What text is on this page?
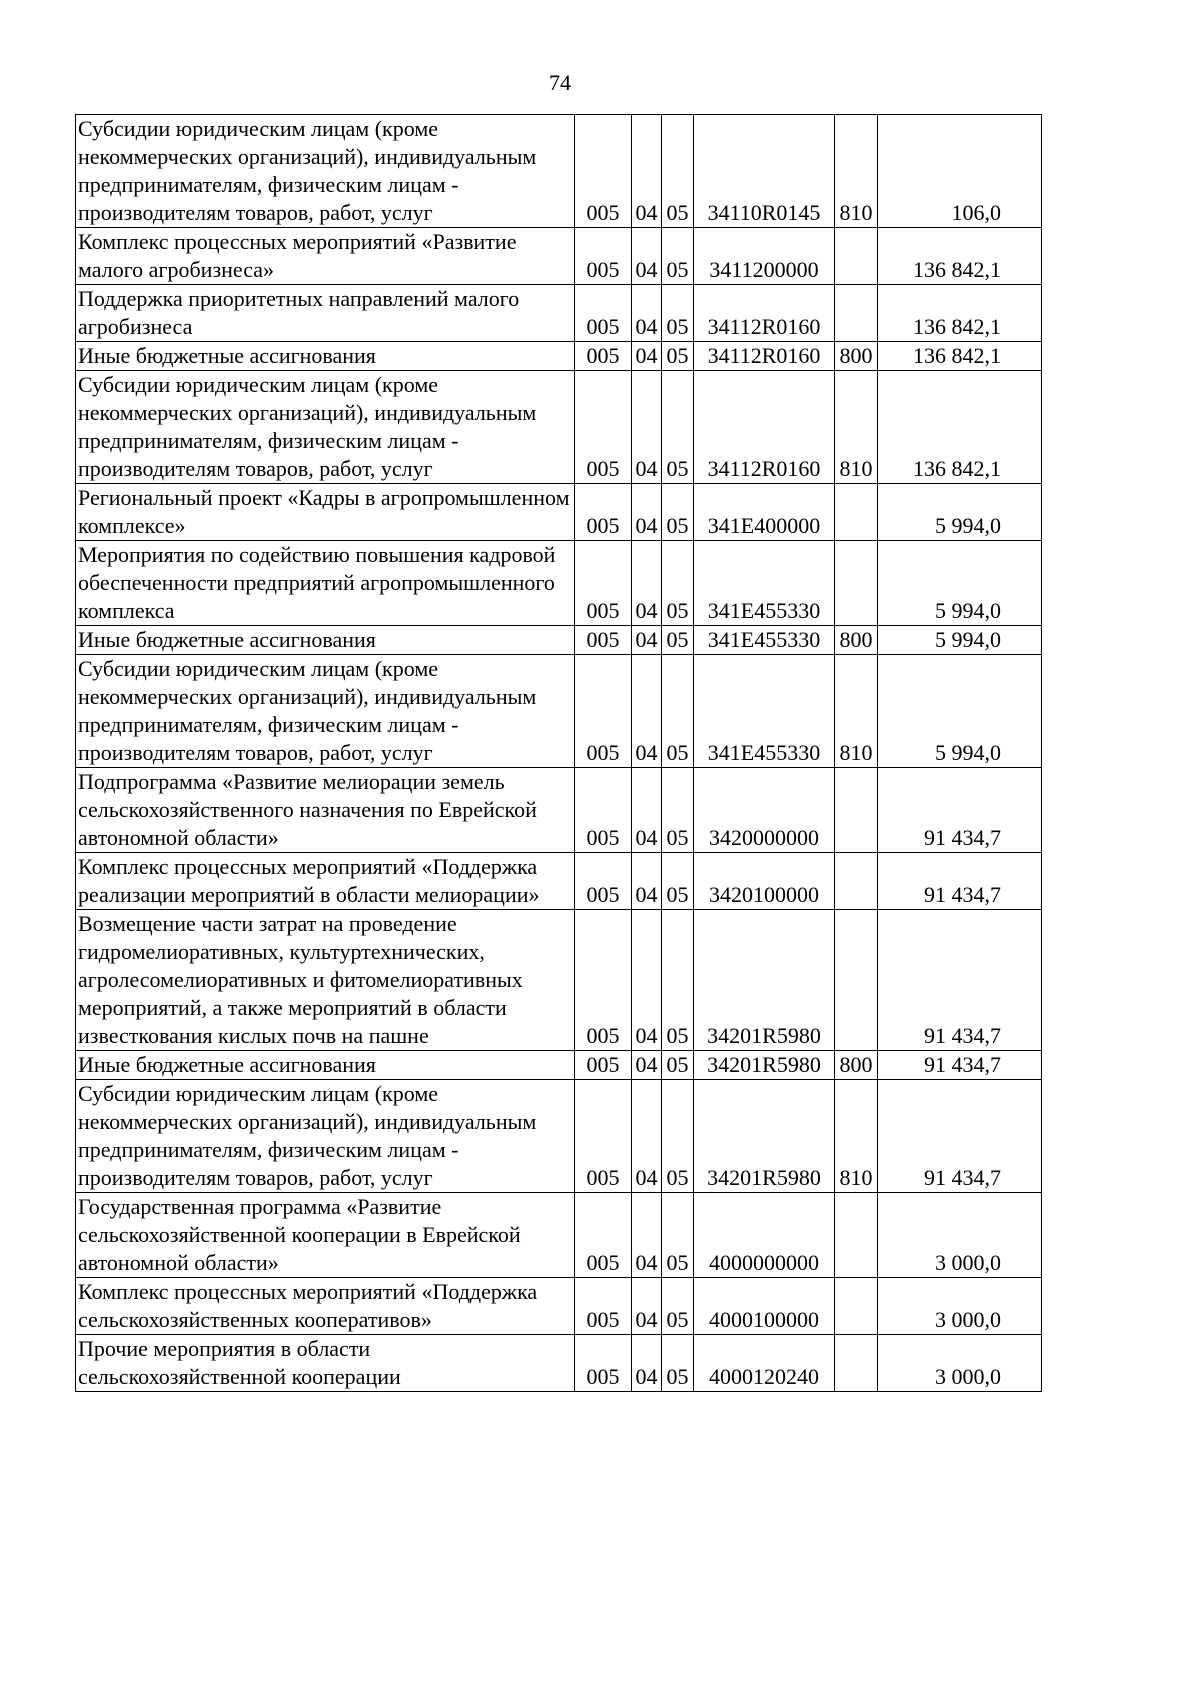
74
Субсидии юридическим лицам (кроме некоммерческих организаций), индивидуальным предпринимателям, физическим лицам - производителям товаров, работ, услуг	005	04	05	34110R0145	810	106,0
Комплекс процессных мероприятий «Развитие малого агробизнеса»	005	04	05	3411200000		136 842,1
Поддержка приоритетных направлений малого агробизнеса	005	04	05	34112R0160		136 842,1
Иные бюджетные ассигнования	005	04	05	34112R0160	800	136 842,1
Субсидии юридическим лицам (кроме некоммерческих организаций), индивидуальным предпринимателям, физическим лицам - производителям товаров, работ, услуг	005	04	05	34112R0160	810	136 842,1
Региональный проект «Кадры в агропромышленном комплексе»	005	04	05	341E400000		5 994,0
Мероприятия по содействию повышения кадровой обеспеченности предприятий агропромышленного комплекса	005	04	05	341E455330		5 994,0
Иные бюджетные ассигнования	005	04	05	341E455330	800	5 994,0
Субсидии юридическим лицам (кроме некоммерческих организаций), индивидуальным предпринимателям, физическим лицам - производителям товаров, работ, услуг	005	04	05	341E455330	810	5 994,0
Подпрограмма «Развитие мелиорации земель сельскохозяйственного назначения по Еврейской автономной области»	005	04	05	3420000000		91 434,7
Комплекс процессных мероприятий «Поддержка реализации мероприятий в области мелиорации»	005	04	05	3420100000		91 434,7
Возмещение части затрат на проведение гидромелиоративных, культуртехнических, агролесомелиоративных и фитомелиоративных мероприятий, а также мероприятий в области известкования кислых почв на пашне	005	04	05	34201R5980		91 434,7
Иные бюджетные ассигнования	005	04	05	34201R5980	800	91 434,7
Субсидии юридическим лицам (кроме некоммерческих организаций), индивидуальным предпринимателям, физическим лицам - производителям товаров, работ, услуг	005	04	05	34201R5980	810	91 434,7
Государственная программа «Развитие сельскохозяйственной кооперации в Еврейской автономной области»	005	04	05	4000000000		3 000,0
Комплекс процессных мероприятий «Поддержка сельскохозяйственных кооперативов»	005	04	05	4000100000		3 000,0
Прочие мероприятия в области сельскохозяйственной кооперации	005	04	05	4000120240		3 000,0
